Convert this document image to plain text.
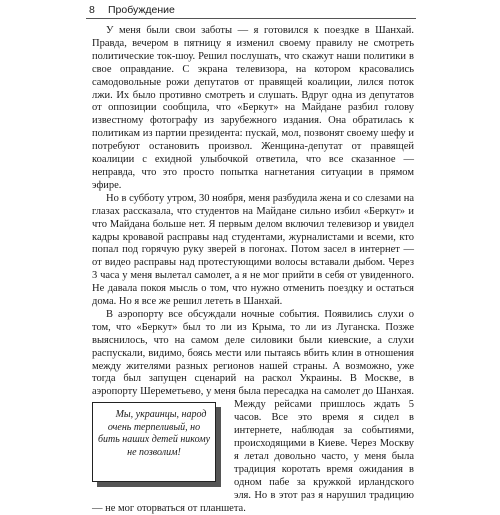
8 Пробуждение

У меня были свои заботы — я готовился к поездке в Шанхай. Правда, вечером в пятницу я изменил своему правилу не смотреть политические ток-шоу. Решил послушать, что скажут наши политики в свое оправдание. С экрана телевизора, на котором красовались самодовольные рожи депутатов от правящей коалиции, лился поток лжи. Их было противно смотреть и слушать. Вдруг одна из депутатов от оппозиции сообщила, что «Беркут» на Майдане разбил голову известному фотографу из зарубежного издания. Она обратилась к политикам из партии президента: пускай, мол, позвонят своему шефу и потребуют остановить произвол. Женщина-депутат от правящей коалиции с ехидной улыбочкой ответила, что все сказанное — неправда, что это просто попытка нагнетания ситуации в прямом эфире.

Но в субботу утром, 30 ноября, меня разбудила жена и со слезами на глазах рассказала, что студентов на Майдане сильно избил «Беркут» и что Майдана больше нет. Я первым делом включил телевизор и увидел кадры кровавой расправы над студентами, журналистами и всеми, кто попал под горячую руку зверей в погонах. Потом засел в интернет — от видео расправы над протестующими волосы вставали дыбом. Через 3 часа у меня вылетал самолет, а я не мог прийти в себя от увиденного. Не давала покоя мысль о том, что нужно отменить поездку и остаться дома. Но я все же решил лететь в Шанхай.

В аэропорту все обсуждали ночные события. Появились слухи о том, что «Беркут» был то ли из Крыма, то ли из Луганска. Позже выяснилось, что на самом деле силовики были киевские, а слухи распускали, видимо, боясь мести или пытаясь вбить клин в отношения между жителями разных регионов нашей страны. А возможно, уже тогда был запущен сценарий на раскол Украины. В Москве, в аэропорту Шереметьево, у меня была пересадка
Мы, украинцы, народ очень терпеливый, но бить наших детей никому не позволим!
на самолет до Шанхая. Между рейсами пришлось ждать 5 часов. Все это время я сидел в интернете, наблюдая за событиями, происходящими в Киеве. Через Москву я летал довольно часто, у меня была традиция коротать время ожидания в одном пабе за кружкой ирландского эля. Но в этот раз я нарушил традицию — не мог оторваться от планшета.
